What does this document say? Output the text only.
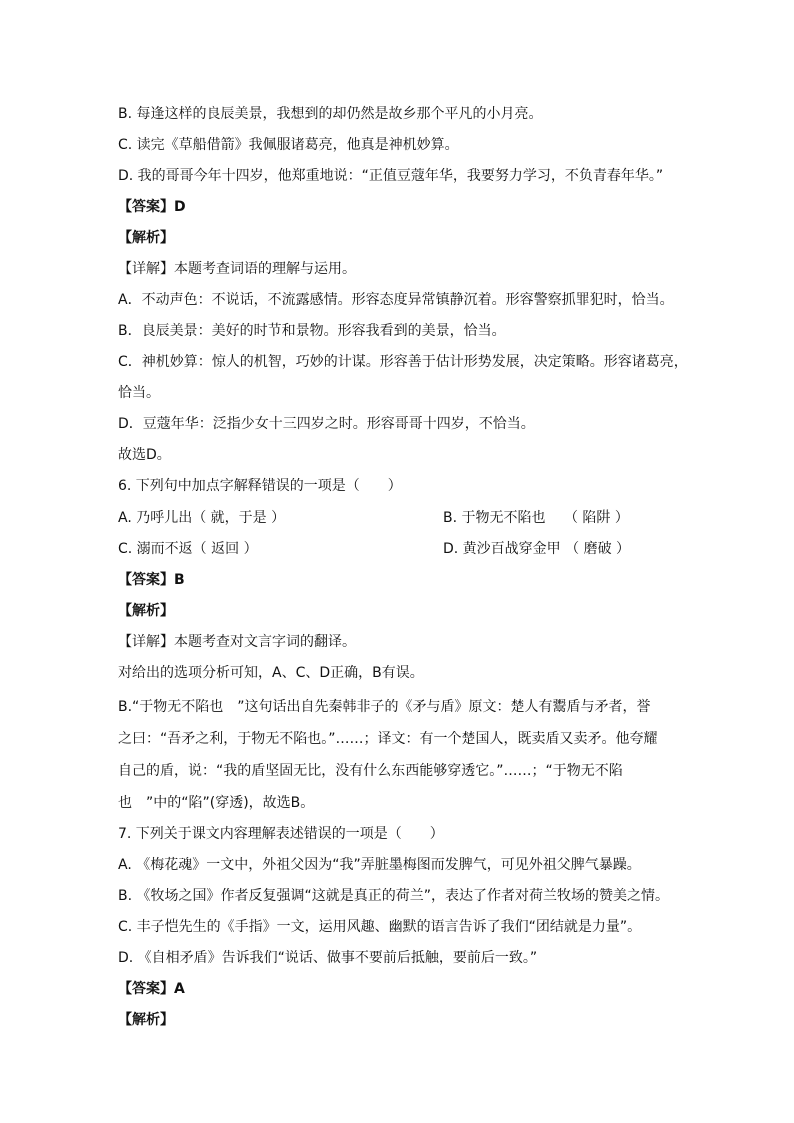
B. 每逢这样的良辰美景，我想到的却仍然是故乡那个平凡的小月亮。
C. 读完《草船借箭》我佩服诸葛亮，他真是神机妙算。
D. 我的哥哥今年十四岁，他郑重地说：“正值豆蔻年华，我要努力学习，不负青春年华。”
【答案】D
【解析】
【详解】本题考查词语的理解与运用。
A．不动声色：不说话，不流露感情。形容态度异常镇静沉着。形容警察抓罪犯时，恰当。
B．良辰美景：美好的时节和景物。形容我看到的美景，恰当。
C．神机妙算：惊人的机智，巧妙的计谋。形容善于估计形势发展，决定策略。形容诸葛亮，
恰当。
D．豆蔻年华：泛指少女十三四岁之时。形容哥哥十四岁，不恰当。
故选D。
6. 下列句中加点字解释错误的一项是（　　）
A. 乃呼儿出（ 就，于是 ）	B. 于物无不陷也　 （ 陷阱 ）
C. 溺而不返（ 返回 ）	D. 黄沙百战穿金甲 （ 磨破 ）
【答案】B
【解析】
【详解】本题考查对文言字词的翻译。
对给出的选项分析可知，A、C、D正确，B有误。
B.“于物无不陷也　”这句话出自先秦韩非子的《矛与盾》原文：楚人有鬻盾与矛者，誉
之曰：“吾矛之利，于物无不陷也。”……；译文：有一个楚国人，既卖盾又卖矛。他夸耀
自己的盾，说：“我的盾坚固无比，没有什么东西能够穿透它。”……；“于物无不陷
也　”中的“陷”(穿透)，故选B。
7. 下列关于课文内容理解表述错误的一项是（　　）
A. 《梅花魂》一文中，外祖父因为“我”弄脏墨梅图而发脾气，可见外祖父脾气暴躁。
B. 《牧场之国》作者反复强调“这就是真正的荷兰”，表达了作者对荷兰牧场的赞美之情。
C. 丰子恺先生的《手指》一文，运用风趣、幽默的语言告诉了我们“团结就是力量”。
D. 《自相矛盾》告诉我们“说话、做事不要前后抵触，要前后一致。”
【答案】A
【解析】
